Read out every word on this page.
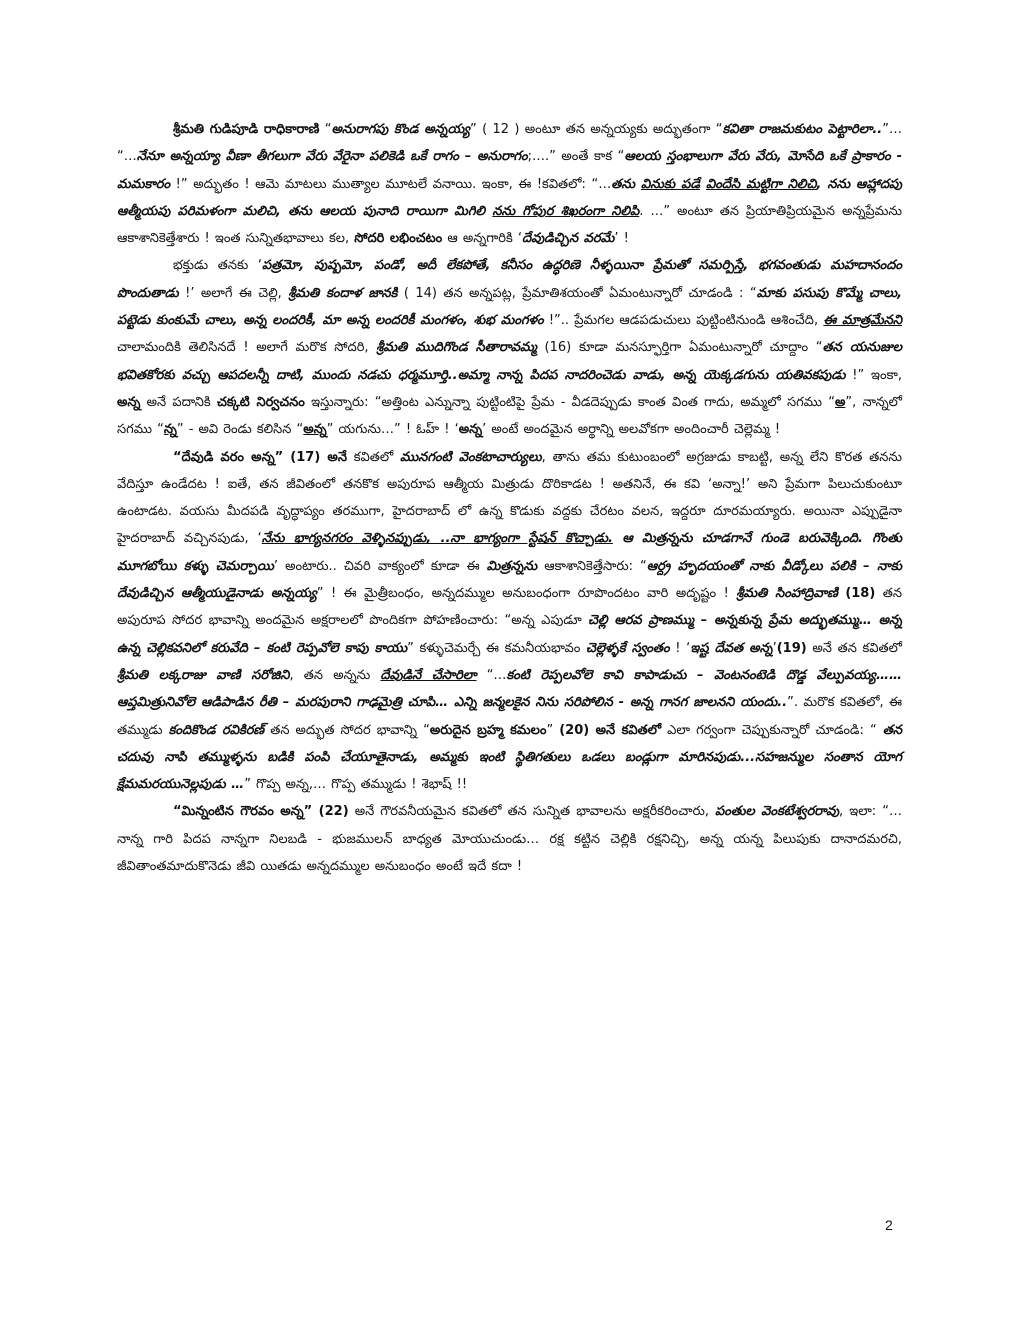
శ్రీమతి గుడిపూడి రాధికారాణి “అనురాగపు కొండ అన్నయ్య” ( 12 ) అంటూ తన అన్నయ్యకు అద్భుతంగా “కవితా రాజమకుటం పెట్టారిలా..”… “…నేనూ అన్నయ్యా వీణా తీగలుగా వేరు వేరైనా పలికెడి ఒకే రాగం – అనురాగం;….” అంతే కాక “ఆలయ స్తంభాలుగా వేరు వేరు, మోసేది ఒకే ప్రాకారం - మమకారం !” అద్భుతం ! ఆమె మాటలు ముత్యాల మూటలే వనాయి. ఇంకా, ఈ !కవితలో: “…తను వినుకు పడే విందేసి మట్టిగా నిలిచి, నను ఆహ్లాదపు ఆత్మీయపు పరిమళంగా మలిచి, తను ఆలయ పునాది రాయిగా మిగిలి నను గోపుర శిఖరంగా నిలిపి. …” అంటూ తన ప్రియాతిప్రియమైన అన్నప్రేమను ఆకాశానికెత్తేశారు ! ఇంత సున్నితభావాలు కల, సోదరి లభించటం ఆ అన్నగారికి ‘దేవుడిచ్చిన వరమే’ !

భక్తుడు తనకు ‘పత్రమో, పుష్పమో, పండో, అదీ లేకపోతే, కనీసం ఉద్ధరిణె నీళ్ళయినా ప్రేమతో సమర్పిస్తే, భగవంతుడు మహదానందం పొందుతాడు !’ అలాగే ఈ చెల్లి, శ్రీమతి కందాళ జానకి ( 14) తన అన్నపట్ల, ప్రేమాతిశయంతో ఏమంటున్నారో చూడండి : “మాకు పసుపు కొమ్మే చాలు, పట్టెడు కుంకుమే చాలు, అన్న లందరికీ, మా అన్న లందరికీ మంగళం, శుభ మంగళం !”.. ప్రేమగల ఆడపడుచులు పుట్టింటినుండి ఆశించేది, ఈ మాత్రమేనని చాలామందికి తెలిసినదే ! అలాగే మరొక సోదరి, శ్రీమతి ముదిగొండ సీతారావమ్మ (16) కూడా మనస్ఫూర్తిగా ఏమంటున్నారో చూద్దాం “తన యనుజుల భవితకోరకు వచ్చు ఆపదలన్నీ దాటి, ముందు నడచు ధర్మమూర్తి..అమ్మా నాన్న పిదప నాదరించెడు వాడు, అన్న యెక్కడగును యతివకపుడు !” ఇంకా, అన్న అనే పదానికి చక్కటి నిర్వచనం ఇస్తున్నారు: “అత్తింట ఎన్నున్నా పుట్టింటిపై ప్రేమ - వీడదెప్పుడు కాంత వింత గాదు, అమ్మలో సగము “అ”, నాన్నలో సగము “న్న” - అవి రెండు కలిసిన “అన్న” యగును…” ! ఓహ్ ! ‘అన్న’ అంటే అందమైన అర్థాన్ని అలవోకగా అందించారీ చెల్లెమ్మ !

“దేవుడి వరం అన్న” (17) అనే కవితలో మునగంటి వెంకటాచార్యులు, తాను తమ కుటుంబంలో అగ్రజుడు కాబట్టి, అన్న లేని కొరత తనను వేదిస్తూ ఉండేదట ! ఐతే, తన జీవితంలో తనకొక అపురూప ఆత్మీయ మిత్రుడు దొరికాడట ! అతనినే, ఈ కవి ‘అన్నా!’ అని ప్రేమగా పిలుచుకుంటూ ఉంటాడట. వయసు మీదపడి వృద్ధాప్యం తరముగా, హైదరాబాద్ లో ఉన్న కొడుకు వద్దకు చేరటం వలన, ఇద్దరూ దూరమయ్యారు. అయినా ఎప్పుడైనా హైదరాబాద్ వచ్చినపుడు, ‘నేను భాగ్యనగరం వెళ్ళినప్పుడు, ..నా భాగ్యంగా స్టేషన్ కొచ్చాడు. ఆ మిత్రన్నను చూడగానే గుండె బరువెక్కింది. గొంతు మూగబోయి కళ్ళు చెమర్చాయి’ అంటారు.. చివరి వాక్యంలో కూడా ఈ మిత్రన్నను ఆకాశానికెత్తేసారు: “ఆర్ద్ర హృదయంతో నాకు వీడ్కోలు పలికి – నాకు దేవుడిచ్చిన ఆత్మీయుడైనాడు అన్నయ్య” ! ఈ మైత్రీబంధం, అన్నదమ్ముల అనుబంధంగా రూపొందటం వారి అదృష్టం ! శ్రీమతి సింహాద్రివాణి (18) తన అపురూప సోదర భావాన్ని అందమైన అక్షరాలలో పొందికగా పోహణించారు: “అన్న ఎపుడూ చెల్లి ఆరవ ప్రాణమ్ము – అన్నకున్న ప్రేమ అద్భుతమ్ము… అన్న ఉన్న చెల్లికవనిలో కరువేది – కంటి రెప్పవోలె కాపు కాయు” కళ్ళుచెమర్చే ఈ కమనీయభావం చెల్లెళ్ళకే స్వంతం ! ‘ఇష్ట దేవత అన్న’(19) అనే తన కవితలో శ్రీమతి లక్కరాజు వాణి సరోజిని, తన అన్నను దేవుడినే చేసారిలా “…కంటి రెప్పలవోలె కావి కాపాడుచు – వెంటనంటెడి దొడ్డ వేల్పువయ్య……ఆప్తమిత్రునివోలె ఆడిపాడిన రీతి – మరపురాని గాఢమైత్రి చూపి… ఎన్ని జన్మలకైన నిను సరిపోలిన - అన్న గానగ జాలనని యందు..”. మరొక కవితలో, ఈ తమ్ముడు కందికొండ రవికిరణ్ తన అద్భుత సోదర భావాన్ని “అరుదైన బ్రహ్మ కమలం” (20) అనే కవితలో ఎలా గర్వంగా చెప్పుకున్నారో చూడండి: “ తన చదువు నాపి తమ్ముళ్ళను బడికి పంపి చేయూతైనాడు, అమ్మకు ఇంటి స్థితిగతులు ఒడలు బండ్లుగా మారినపుడు...సహజన్ముల సంతాన యోగ క్షేమమరయునెల్లపుడు …” గొప్ప అన్న,… గొప్ప తమ్ముడు ! శెభాష్ !!

“మిన్నంటిన గౌరవం అన్న” (22) అనే గౌరవనీయమైన కవితలో తన సున్నిత భావాలను అక్షరీకరించారు, పంతుల వెంకటేశ్వరరావు, ఇలా: “…నాన్న గారి పిదప నాన్నగా నిలబడి - భుజములన్ బాధ్యత మోయుచుండు… రక్ష కట్టిన చెల్లికి రక్షనిచ్చి, అన్న యన్న పిలుపుకు దానాదమరచి, జీవితాంతమాదుకొనెడు జీవి యితడు అన్నదమ్ముల అనుబంధం అంటే ఇదే కదా !

2
